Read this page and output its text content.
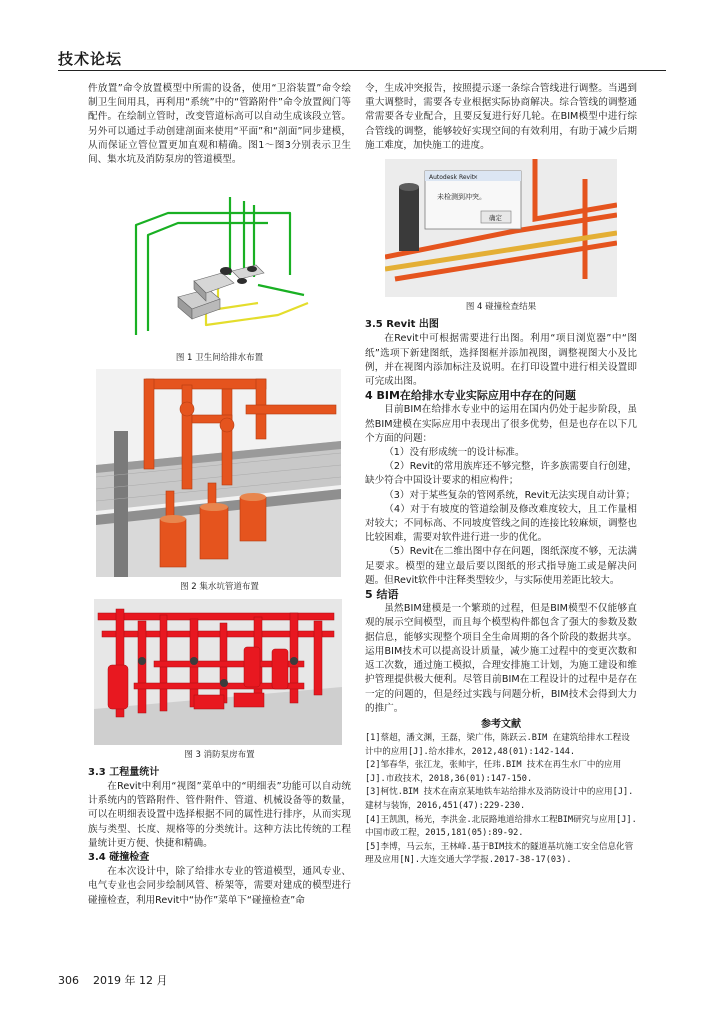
技术论坛

件放置”命令放置模型中所需的设备，使用“卫浴装置”命令绘制卫生间用具，再利用“系统”中的“管路附件”命令放置阀门等配件。在绘制立管时，改变管道标高可以自动生成该段立管。另外可以通过手动创建剖面来使用“平面”和“剖面”同步建模，从而保证立管位置更加直观和精确。图1～图3分别表示卫生间、集水坑及消防泵房的管道模型。

图 1 卫生间给排水布置
图 2 集水坑管道布置
图 3 消防泵房布置
3.3 工程量统计

在Revit中利用“视图”菜单中的“明细表”功能可以自动统计系统内的管路附件、管件附件、管道、机械设备等的数量，可以在明细表设置中选择根据不同的属性进行排序，从而实现族与类型、长度、规格等的分类统计。这种方法比传统的工程量统计更方便、快捷和精确。

3.4 碰撞检查

在本次设计中，除了给排水专业的管道模型，通风专业、电气专业也会同步绘制风管、桥架等，需要对建成的模型进行碰撞检查，利用Revit中“协作”菜单下“碰撞检查”命

令，生成冲突报告，按照提示逐一条综合管线进行调整。当遇到重大调整时，需要各专业根据实际协商解决。综合管线的调整通常需要各专业配合，且要反复进行好几轮。在BIM模型中进行综合管线的调整，能够较好实现空间的有效利用，有助于减少后期施工难度，加快施工的进度。

Autodesk Revit
×
未检测到冲突。
确定
图 4 碰撞检查结果
3.5 Revit 出图

在Revit中可根据需要进行出图。利用“项目浏览器”中“图纸”选项下新建图纸，选择图框并添加视图，调整视图大小及比例，并在视图内添加标注及说明。在打印设置中进行相关设置即可完成出图。

4 BIM在给排水专业实际应用中存在的问题

目前BIM在给排水专业中的运用在国内仍处于起步阶段，虽然BIM建模在实际应用中表现出了很多优势，但是也存在以下几个方面的问题：

（1）没有形成统一的设计标准。

（2）Revit的常用族库还不够完整，许多族需要自行创建，缺少符合中国设计要求的相应构件；

（3）对于某些复杂的管网系统，Revit无法实现自动计算；

（4）对于有坡度的管道绘制及修改难度较大，且工作量相对较大；不同标高、不同坡度管线之间的连接比较麻烦，调整也比较困难，需要对软件进行进一步的优化。

（5）Revit在二维出图中存在问题，图纸深度不够，无法满足要求。模型的建立最后要以图纸的形式指导施工或是解决问题。但Revit软件中注释类型较少，与实际使用差距比较大。

5 结语

虽然BIM建模是一个繁琐的过程，但是BIM模型不仅能够直观的展示空间模型，而且每个模型构件都包含了强大的参数及数据信息，能够实现整个项目全生命周期的各个阶段的数据共享。运用BIM技术可以提高设计质量，减少施工过程中的变更次数和返工次数，通过施工模拟，合理安排施工计划，为施工建设和维护管理提供极大便利。尽管目前BIM在工程设计的过程中是存在一定的问题的，但是经过实践与问题分析，BIM技术会得到大力的推广。

参考文献
[1]蔡超，潘文渊，王磊，梁广伟，陈跃云.BIM 在建筑给排水工程设计中的应用[J].给水排水，2012,48(01):142-144.
[2]邹春华，张江龙，张帅宇，任玮.BIM 技术在再生水厂中的应用[J].市政技术，2018,36(01):147-150.
[3]柯忱.BIM 技术在南京某地铁车站给排水及消防设计中的应用[J].建材与装饰，2016,451(47):229-230.
[4]王凯凯，杨光，李洪金.北辰路地道给排水工程BIM研究与应用[J].中国市政工程，2015,181(05):89-92.
[5]李博，马云东，王林峰.基于BIM技术的隧道基坑施工安全信息化管理及应用[N].大连交通大学学报.2017-38-17(03).
306 2019 年 12 月
